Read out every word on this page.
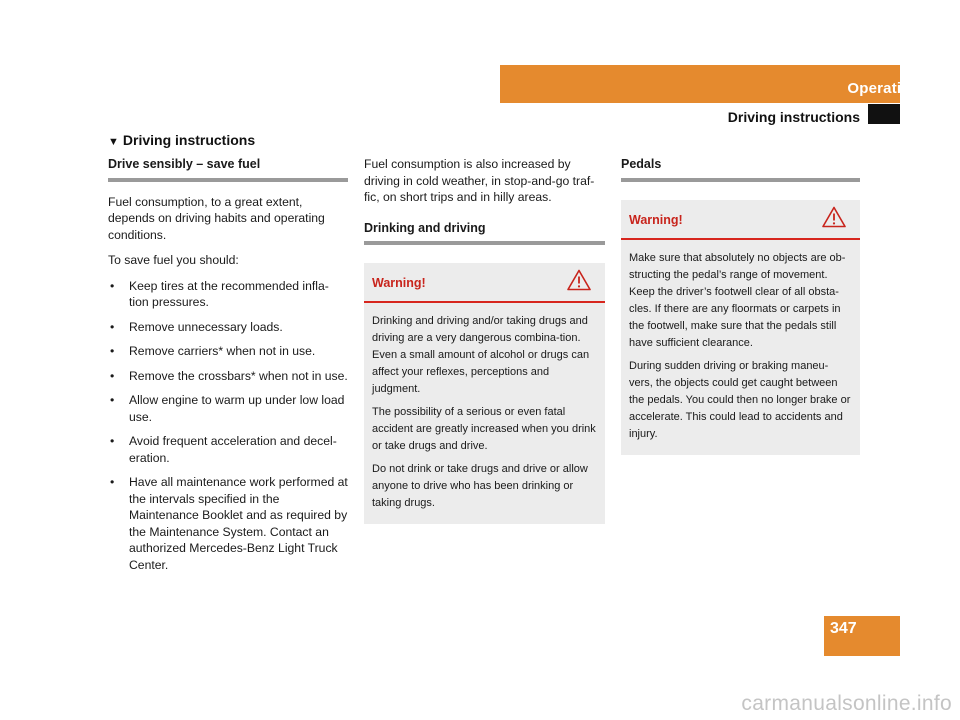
Operation
Driving instructions
▼ Driving instructions
Drive sensibly – save fuel

Fuel consumption, to a great extent, depends on driving habits and operating conditions.

To save fuel you should:

• Keep tires at the recommended infla-tion pressures.
• Remove unnecessary loads.
• Remove carriers* when not in use.
• Remove the crossbars* when not in use.
• Allow engine to warm up under low load use.
• Avoid frequent acceleration and decel-eration.
• Have all maintenance work performed at the intervals specified in the Maintenance Booklet and as required by the Maintenance System. Contact an authorized Mercedes-Benz Light Truck Center.

Fuel consumption is also increased by driving in cold weather, in stop-and-go traf-fic, on short trips and in hilly areas.

Drinking and driving
Warning!

Drinking and driving and/or taking drugs and driving are a very dangerous combina-tion. Even a small amount of alcohol or drugs can affect your reflexes, perceptions and judgment.

The possibility of a serious or even fatal accident are greatly increased when you drink or take drugs and drive.

Do not drink or take drugs and drive or allow anyone to drive who has been drinking or taking drugs.

Pedals
Warning!

Make sure that absolutely no objects are ob-structing the pedal’s range of movement. Keep the driver’s footwell clear of all obsta-cles. If there are any floormats or carpets in the footwell, make sure that the pedals still have sufficient clearance.

During sudden driving or braking maneu-vers, the objects could get caught between the pedals. You could then no longer brake or accelerate. This could lead to accidents and injury.

347
carmanualsonline.info
